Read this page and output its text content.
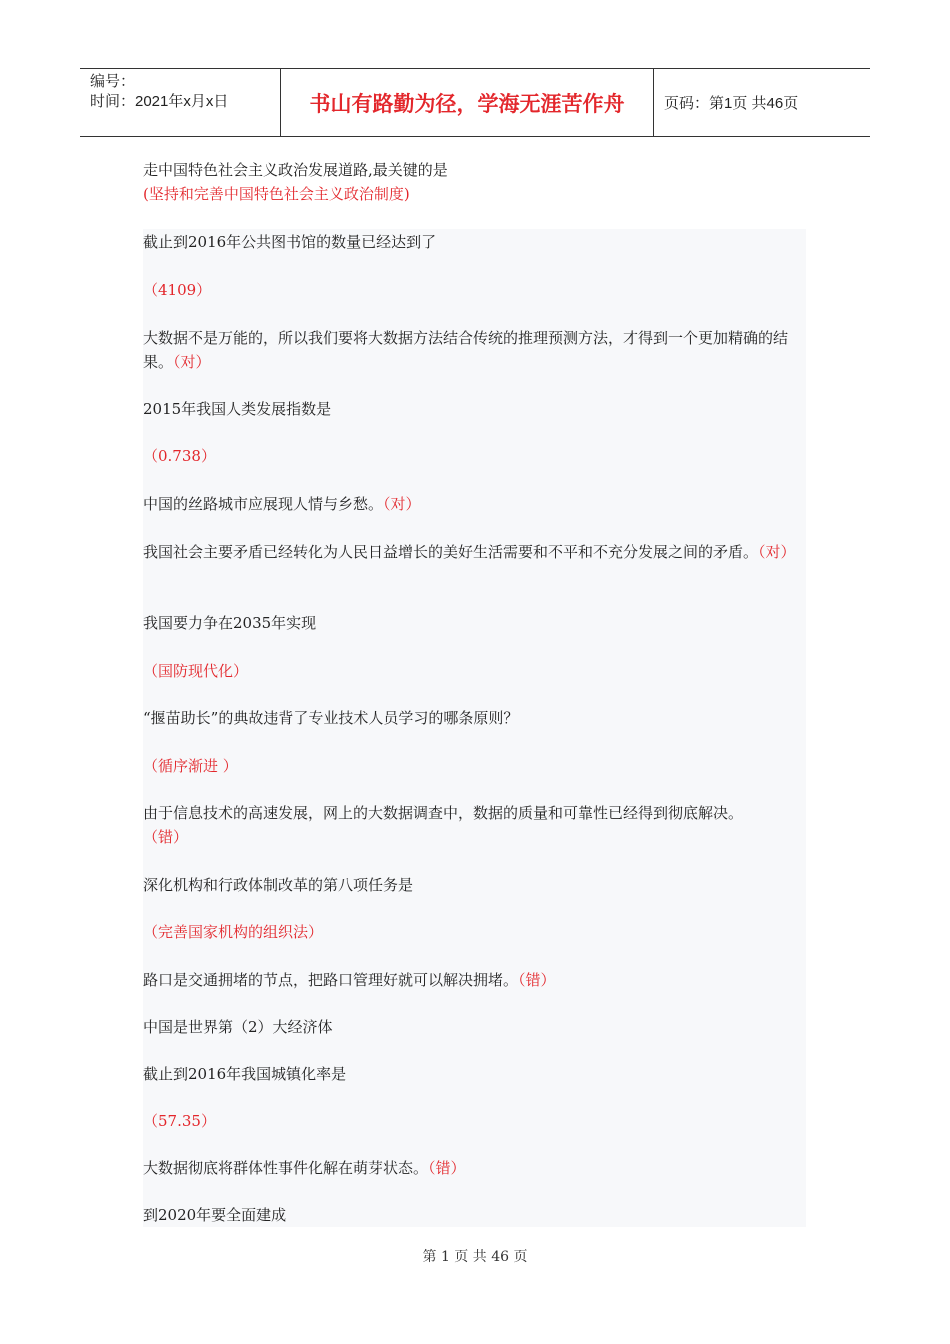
编号：
时间：2021年x月x日	书山有路勤为径，学海无涯苦作舟	页码：第1页 共46页

走中国特色社会主义政治发展道路,最关键的是

(坚持和完善中国特色社会主义政治制度)

截止到2016年公共图书馆的数量已经达到了

（4109）

大数据不是万能的，所以我们要将大数据方法结合传统的推理预测方法，才得到一个更加精确的结果。（对）

2015年我国人类发展指数是

（0.738）

中国的丝路城市应展现人情与乡愁。（对）

我国社会主要矛盾已经转化为人民日益增长的美好生活需要和不平和不充分发展之间的矛盾。（对）

我国要力争在2035年实现

（国防现代化）

“揠苗助长”的典故违背了专业技术人员学习的哪条原则？

（循序渐进 ）

由于信息技术的高速发展，网上的大数据调查中，数据的质量和可靠性已经得到彻底解决。
（错）

深化机构和行政体制改革的第八项任务是

（完善国家机构的组织法）

路口是交通拥堵的节点，把路口管理好就可以解决拥堵。（错）

中国是世界第（2）大经济体

截止到2016年我国城镇化率是

（57.35）

大数据彻底将群体性事件化解在萌芽状态。（错）

到2020年要全面建成

第 1 页 共 46 页
